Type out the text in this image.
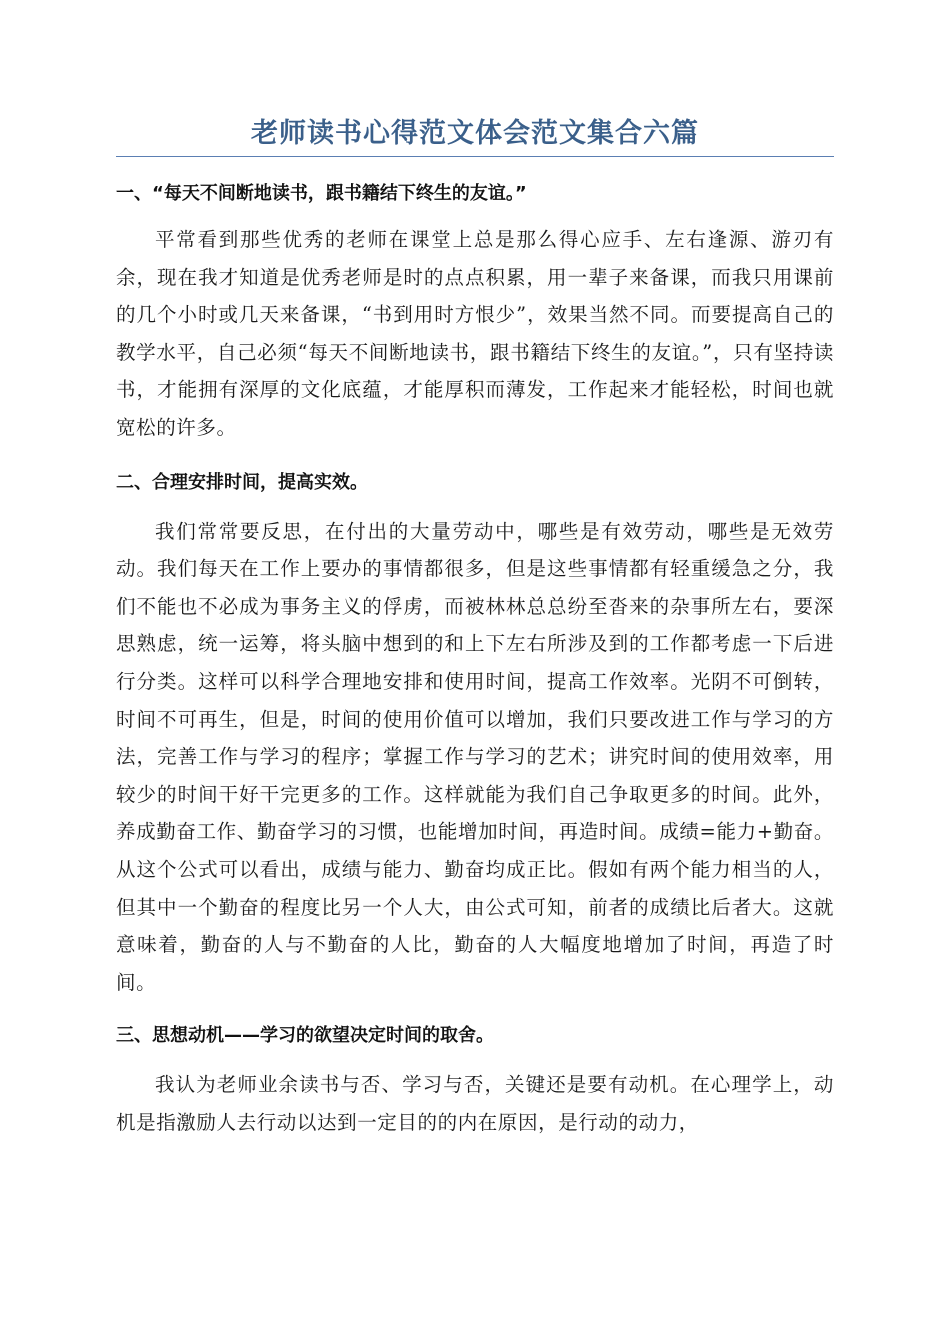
老师读书心得范文体会范文集合六篇
一、“每天不间断地读书，跟书籍结下终生的友谊。”

平常看到那些优秀的老师在课堂上总是那么得心应手、左右逢源、游刃有余，现在我才知道是优秀老师是时的点点积累，用一辈子来备课，而我只用课前的几个小时或几天来备课，“书到用时方恨少”，效果当然不同。而要提高自己的教学水平，自己必须“每天不间断地读书，跟书籍结下终生的友谊。”，只有坚持读书，才能拥有深厚的文化底蕴，才能厚积而薄发，工作起来才能轻松，时间也就宽松的许多。

二、合理安排时间，提高实效。

我们常常要反思，在付出的大量劳动中，哪些是有效劳动，哪些是无效劳动。我们每天在工作上要办的事情都很多，但是这些事情都有轻重缓急之分，我们不能也不必成为事务主义的俘虏，而被林林总总纷至沓来的杂事所左右，要深思熟虑，统一运筹，将头脑中想到的和上下左右所涉及到的工作都考虑一下后进行分类。这样可以科学合理地安排和使用时间，提高工作效率。光阴不可倒转，时间不可再生，但是，时间的使用价值可以增加，我们只要改进工作与学习的方法，完善工作与学习的程序；掌握工作与学习的艺术；讲究时间的使用效率，用较少的时间干好干完更多的工作。这样就能为我们自己争取更多的时间。此外，养成勤奋工作、勤奋学习的习惯，也能增加时间，再造时间。成绩=能力+勤奋。从这个公式可以看出，成绩与能力、勤奋均成正比。假如有两个能力相当的人，但其中一个勤奋的程度比另一个人大，由公式可知，前者的成绩比后者大。这就意味着，勤奋的人与不勤奋的人比，勤奋的人大幅度地增加了时间，再造了时间。

三、思想动机——学习的欲望决定时间的取舍。

我认为老师业余读书与否、学习与否，关键还是要有动机。在心理学上，动机是指激励人去行动以达到一定目的的内在原因，是行动的动力，
